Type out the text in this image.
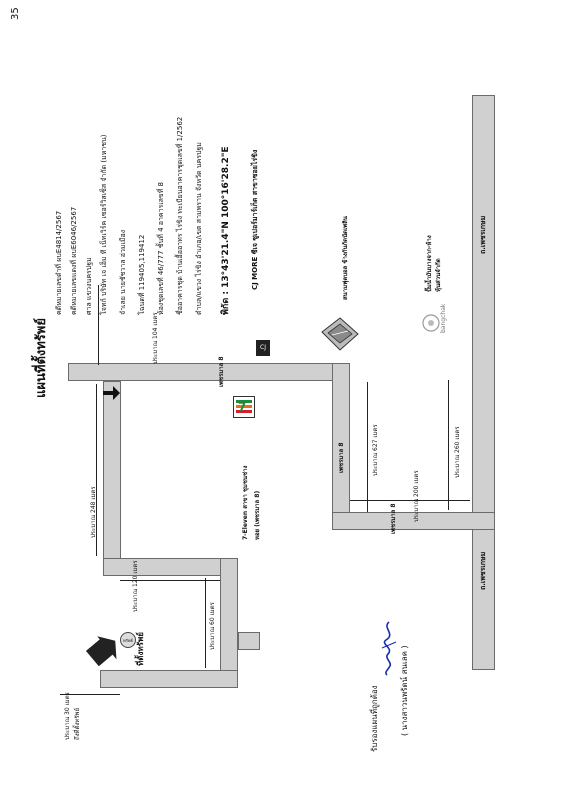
35
แผนที่ตั้งทรัพย์
คดีหมายเลขดำที่ ผบE4814/2567 คดีหมายเลขแดงที่ ผบE6046/2567 ศาล แขวงนครปฐม โจทก์ บริษัท เจ เอ็ม ที เน็ทเวิร์ค เซอร์วิสเซ็ส จำกัด (มหาชน) จำเลย นายชัชวาล อ่วมเมือง โฉนดที่ 119405,119412 ห้องชุดเลขที่ 46/777 ชั้นที่ 4 อาคารเลขที่ 8 ชื่ออาคารชุด บ้านเอื้ออาทร ไร่ขิง ทะเบียนอาคารชุดเลขที่ 1/2562 ตำบล/แขวง ไร่ขิง อำเภอ/เขต สามพราน จังหวัด นครปฐม	พิกัด : 13°43'21.4"N 100°16'28.2"E	ถ.เพชรเกษม
ถ.เพชรเกษม
เพชรมาล 8
เพชรมาล 8
เพชรมาล 8
ประมาณ 104 เมตร
ประมาณ 627 เมตร
ประมาณ 200 เมตร
ประมาณ 260 เมตร
ประมาณ 248 เมตร
ประมาณ 120 เมตร
ประมาณ 60 เมตร
ประมาณ 30 เมตร ถึงที่ตั้งทรัพย์
CJ
CJ MORE ซีเจ ซูเปอร์มาร์เก็ต สาขาซอยไร่ขิง	สนามฟุตบอล ข้างกันกัดนัดเพลิน
bangchak
ปั๊มน้ำมันบางจาก-ห้าง หุ้นส่วนจำกัด
7
7-Eleven สาขา ชุมชนช่าง หอย (เพชรมาล 8)
ทรัพย์ ที่ตั้งทรัพย์
รับรองแผนที่ถูกต้อง	( นางสาวนพรัตน์ สนเลค )
